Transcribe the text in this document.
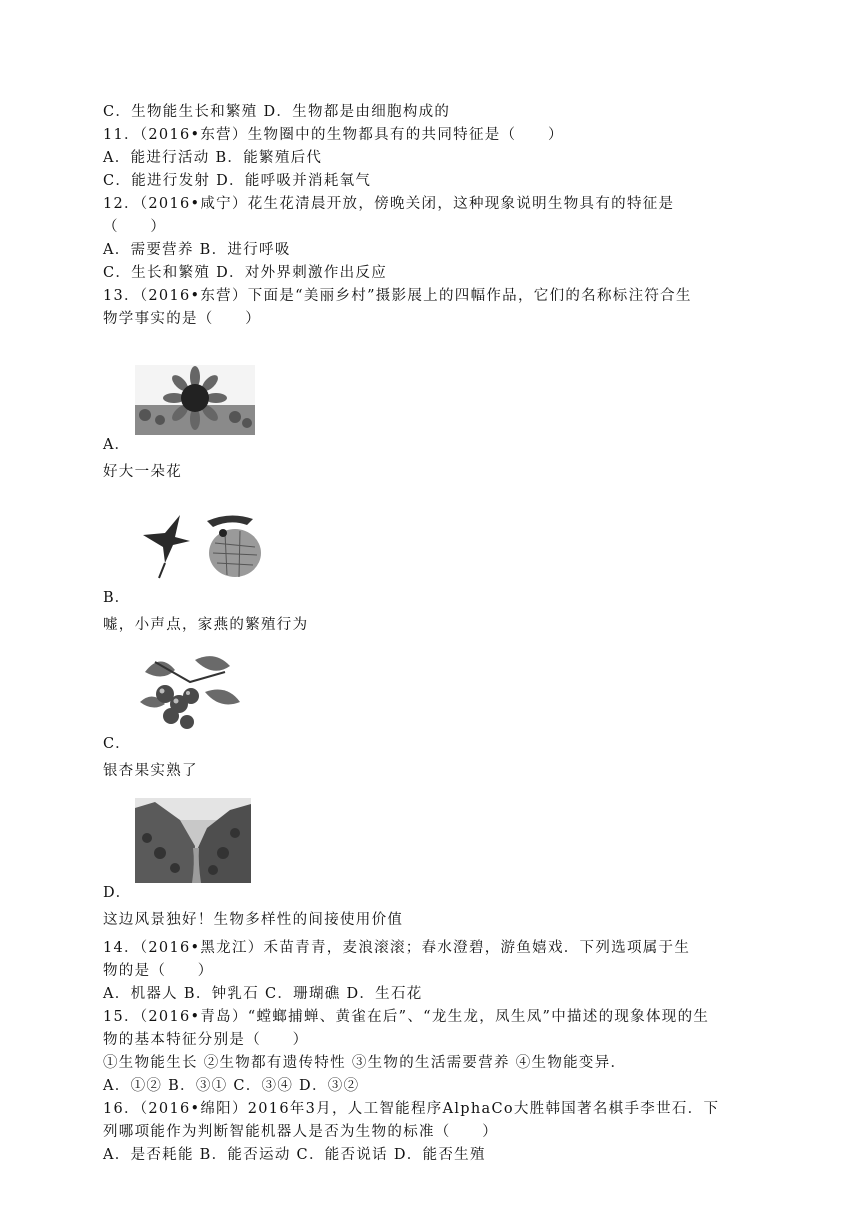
C．生物能生长和繁殖 D．生物都是由细胞构成的
11．（2016•东营）生物圈中的生物都具有的共同特征是（　　）
A．能进行活动 B．能繁殖后代
C．能进行发射 D．能呼吸并消耗氧气
12．（2016•咸宁）花生花清晨开放，傍晚关闭，这种现象说明生物具有的特征是
（　　）
A．需要营养 B．进行呼吸
C．生长和繁殖 D．对外界刺激作出反应
13．（2016•东营）下面是“美丽乡村”摄影展上的四幅作品，它们的名称标注符合生
物学事实的是（　　）
A．
好大一朵花
B．
嘘，小声点，家燕的繁殖行为
C．
银杏果实熟了
D．
这边风景独好！生物多样性的间接使用价值
14．（2016•黑龙江）禾苗青青，麦浪滚滚；春水澄碧，游鱼嬉戏．下列选项属于生
物的是（　　）
A．机器人 B．钟乳石 C．珊瑚礁 D．生石花
15．（2016•青岛）“螳螂捕蝉、黄雀在后”、“龙生龙，凤生凤”中描述的现象体现的生
物的基本特征分别是（　　）
①生物能生长 ②生物都有遗传特性 ③生物的生活需要营养 ④生物能变异．
A．①② B．③① C．③④ D．③②
16．（2016•绵阳）2016年3月，人工智能程序AlphaCo大胜韩国著名棋手李世石．下
列哪项能作为判断智能机器人是否为生物的标准（　　）
A．是否耗能 B．能否运动 C．能否说话 D．能否生殖
